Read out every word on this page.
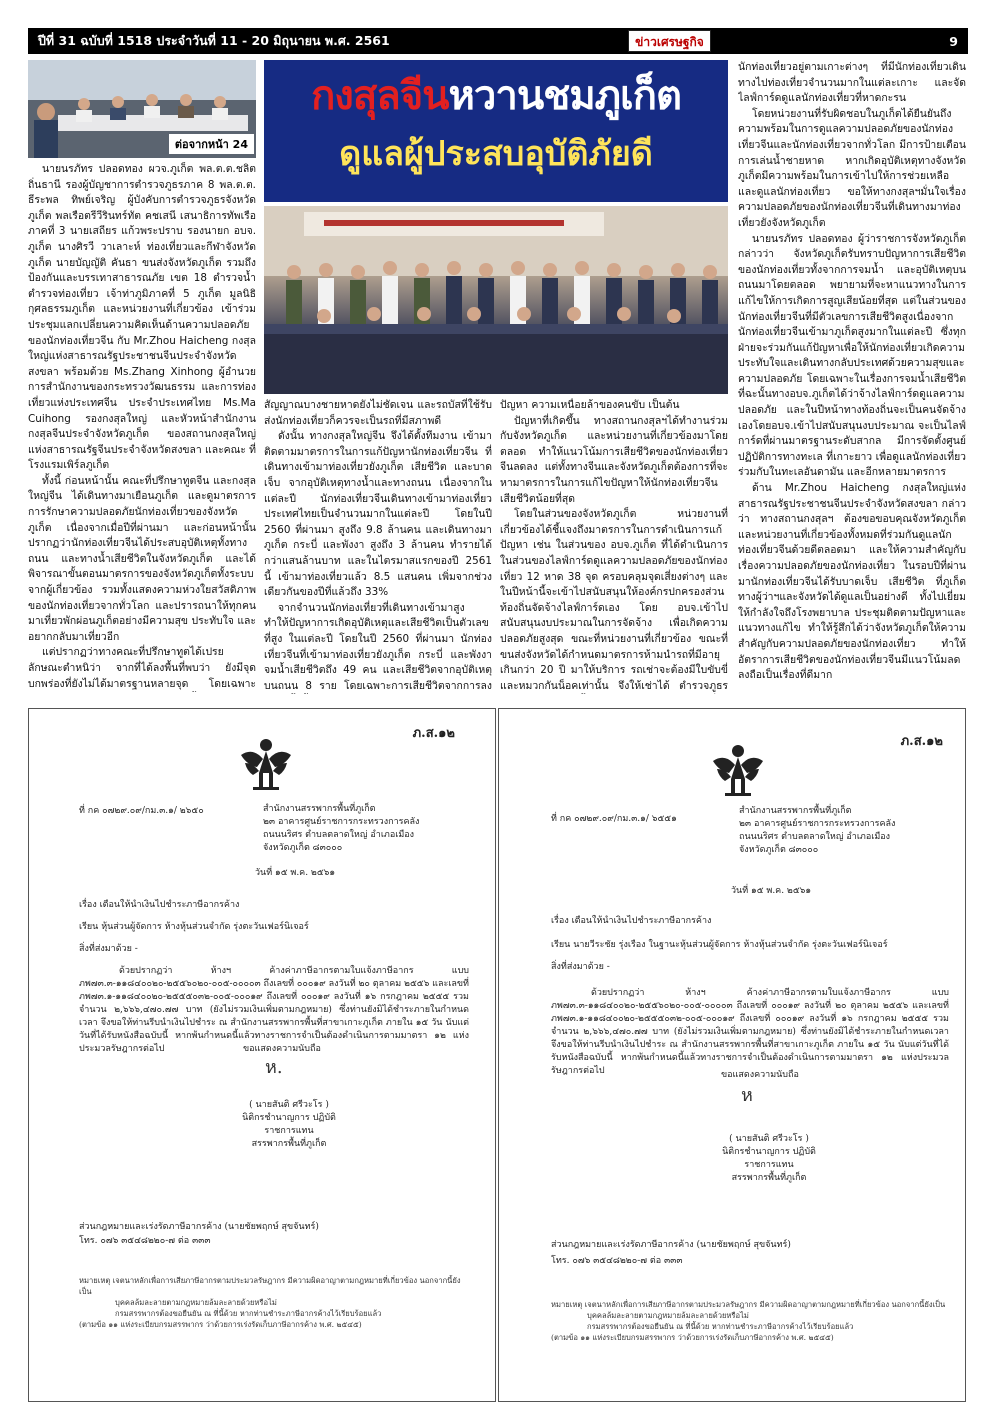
ปีที่ 31 ฉบับที่ 1518 ประจำวันที่ 11 - 20 มิถุนายน พ.ศ. 2561	ข่าวเศรษฐกิจ	9
ต่อจากหน้า 24
กงสุลจีนหวานชมภูเก็ต
ดูแลผู้ประสบอุบัติภัยดี

นายนรภัทร ปลอดทอง ผวจ.ภูเก็ต พล.ต.ต.ชลิต ถิ่นธานี รองผู้บัญชาการตำรวจภูธรภาค 8 พล.ต.ต. ธีระพล ทิพย์เจริญ ผู้บังคับการตำรวจภูธรจังหวัดภูเก็ต พลเรือตรีวีรินทร์ทัต คชเสนี เสนาธิการทัพเรือภาคที่ 3 นายเสถียร แก้วพระปราบ รองนายก อบจ. ภูเก็ต นางศิรวี วาเลาะห์ ท่องเที่ยวและกีฬาจังหวัดภูเก็ต นายบัญญัติ คันธา ขนส่งจังหวัดภูเก็ต รวมถึงป้องกันและบรรเทาสาธารณภัย เขต 18 ตำรวจน้ำ ตำรวจท่องเที่ยว เจ้าท่าภูมิภาคที่ 5 ภูเก็ต มูลนิธิกุศลธรรมภูเก็ต และหน่วยงานที่เกี่ยวข้อง เข้าร่วมประชุมแลกเปลี่ยนความคิดเห็นด้านความปลอดภัยของนักท่องเที่ยวจีน กับ Mr.Zhou Haicheng กงสุลใหญ่แห่งสาธารณรัฐประชาชนจีนประจำจังหวัดสงขลา พร้อมด้วย Ms.Zhang Xinhong ผู้อำนวยการสำนักงานของกระทรวงวัฒนธรรม และการท่องเที่ยวแห่งประเทศจีน ประจำประเทศไทย Ms.Ma Cuihong รองกงสุลใหญ่ และหัวหน้าสำนักงานกงสุลจีนประจำจังหวัดภูเก็ต ของสถานกงสุลใหญ่แห่งสาธารณรัฐจีนประจำจังหวัดสงขลา และคณะ ที่โรงแรมเพิร์ลภูเก็ต

ทั้งนี้ ก่อนหน้านั้น คณะที่ปรึกษาทูตจีน และกงสุลใหญ่จีน ได้เดินทางมาเยือนภูเก็ต และดูมาตรการการรักษาความปลอดภัยนักท่องเที่ยวของจังหวัดภูเก็ต เนื่องจากเมื่อปีที่ผ่านมา และก่อนหน้านั้น ปรากฏว่านักท่องเที่ยวจีนได้ประสบอุบัติเหตุทั้งทางถนน และทางน้ำเสียชีวิตในจังหวัดภูเก็ต และได้พิจารณาขั้นตอนมาตรการของจังหวัดภูเก็ตทั้งระบบจากผู้เกี่ยวข้อง รวมทั้งแสดงความห่วงใยสวัสดิภาพของนักท่องเที่ยวจากทั่วโลก และปรารถนาให้ทุกคนมาเที่ยวพักผ่อนภูเก็ตอย่างมีความสุข ประทับใจ และอยากกลับมาเที่ยวอีก

แต่ปรากฏว่าทางคณะที่ปรึกษาทูตได้เปรยลักษณะตำหนิว่า จากที่ได้ลงพื้นที่พบว่า ยังมีจุดบกพร่องที่ยังไม่ได้มาตรฐานหลายจุด โดยเฉพาะ

สัญญาณบางชายหาดยังไม่ชัดเจน และรถบัสที่ใช้รับส่งนักท่องเที่ยวก็ควรจะเป็นรถที่มีสภาพดี

ดังนั้น ทางกงสุลใหญ่จีน จึงได้ตั้งทีมงาน เข้ามาติดตามมาตรการในการแก้ปัญหานักท่องเที่ยวจีน ที่เดินทางเข้ามาท่องเที่ยวยังภูเก็ต เสียชีวิต และบาดเจ็บ จากอุบัติเหตุทางน้ำและทางถนน เนื่องจากในแต่ละปี นักท่องเที่ยวจีนเดินทางเข้ามาท่องเที่ยวประเทศไทยเป็นจำนวนมากในแต่ละปี โดยในปี 2560 ที่ผ่านมา สูงถึง 9.8 ล้านคน และเดินทางมาภูเก็ต กระบี่ และพังงา สูงถึง 3 ล้านคน ทำรายได้กว่าแสนล้านบาท และในไตรมาสแรกของปี 2561 นี้ เข้ามาท่องเที่ยวแล้ว 8.5 แสนคน เพิ่มจากช่วงเดียวกันของปีที่แล้วถึง 33%

จากจำนวนนักท่องเที่ยวที่เดินทางเข้ามาสูง ทำให้ปัญหาการเกิดอุบัติเหตุและเสียชีวิตเป็นตัวเลขที่สูง ในแต่ละปี โดยในปี 2560 ที่ผ่านมา นักท่องเที่ยวจีนที่เข้ามาท่องเที่ยวยังภูเก็ต กระบี่ และพังงา จมน้ำเสียชีวิตถึง 49 คน และเสียชีวิตจากอุบัติเหตุบนถนน 8 ราย โดยเฉพาะการเสียชีวิตจากการลง

ปัญหา ความเหนื่อยล้าของคนขับ เป็นต้น

ปัญหาที่เกิดขึ้น ทางสถานกงสุลฯได้ทำงานร่วมกับจังหวัดภูเก็ต และหน่วยงานที่เกี่ยวข้องมาโดยตลอด ทำให้แนวโน้มการเสียชีวิตของนักท่องเที่ยวจีนลดลง แต่ทั้งทางจีนและจังหวัดภูเก็ตต้องการที่จะหามาตรการในการแก้ไขปัญหาให้นักท่องเที่ยวจีนเสียชีวิตน้อยที่สุด

โดยในส่วนของจังหวัดภูเก็ต หน่วยงานที่เกี่ยวข้องได้ชี้แจงถึงมาตรการในการดำเนินการแก้ปัญหา เช่น ในส่วนของ อบจ.ภูเก็ต ที่ได้ดำเนินการในส่วนของไลฟ์การ์ดดูแลความปลอดภัยของนักท่องเที่ยว 12 หาด 38 จุด ครอบคลุมจุดเสี่ยงต่างๆ และในปีหน้านี้จะเข้าไปสนับสนุนให้องค์กรปกครองส่วนท้องถิ่นจัดจ้างไลฟ์การ์ดเอง โดย อบจ.เข้าไปสนับสนุนงบประมาณในการจัดจ้าง เพื่อเกิดความปลอดภัยสูงสุด ขณะที่หน่วยงานที่เกี่ยวข้อง ขณะที่ขนส่งจังหวัดได้กำหนดมาตรการห้ามนำรถที่มีอายุเกินกว่า 20 ปี มาให้บริการ รถเช่าจะต้องมีใบขับขี่ และหมวกกันน็อคเท่านั้น จึงให้เช่าได้ ตำรวจภูธร

นักท่องเที่ยวอยู่ตามเกาะต่างๆ ที่มีนักท่องเที่ยวเดินทางไปท่องเที่ยวจำนวนมากในแต่ละเกาะ และจัดไลฟ์การ์ดดูแลนักท่องเที่ยวที่หาดกะรน

โดยหน่วยงานที่รับผิดชอบในภูเก็ตได้ยืนยันถึงความพร้อมในการดูแลความปลอดภัยของนักท่องเที่ยวจีนและนักท่องเที่ยวจากทั่วโลก มีการป้ายเตือนการเล่นน้ำชายหาด หากเกิดอุบัติเหตุทางจังหวัดภูเก็ตมีความพร้อมในการเข้าไปให้การช่วยเหลือและดูแลนักท่องเที่ยว ขอให้ทางกงสุลฯมั่นใจเรื่องความปลอดภัยของนักท่องเที่ยวจีนที่เดินทางมาท่องเที่ยวยังจังหวัดภูเก็ต

นายนรภัทร ปลอดทอง ผู้ว่าราชการจังหวัดภูเก็ต กล่าวว่า จังหวัดภูเก็ตรับทราบปัญหาการเสียชีวิตของนักท่องเที่ยวทั้งจากการจมน้ำ และอุบัติเหตุบนถนนมาโดยตลอด พยายามที่จะหาแนวทางในการแก้ไขให้การเกิดการสูญเสียน้อยที่สุด แต่ในส่วนของนักท่องเที่ยวจีนที่มีตัวเลขการเสียชีวิตสูงเนื่องจากนักท่องเที่ยวจีนเข้ามาภูเก็ตสูงมากในแต่ละปี ซึ่งทุกฝ่ายจะร่วมกันแก้ปัญหาเพื่อให้นักท่องเที่ยวเกิดความประทับใจและเดินทางกลับประเทศด้วยความสุขและความปลอดภัย โดยเฉพาะในเรื่องการจมน้ำเสียชีวิตที่ฉะนั้นทางอบจ.ภูเก็ตได้ว่าจ้างไลฟ์การ์ดดูแลความปลอดภัย และในปีหน้าทางท้องถิ่นจะเป็นคนจัดจ้างเองโดยอบจ.เข้าไปสนับสนุนงบประมาณ จะเป็นไลฟ์การ์ดที่ผ่านมาตรฐานระดับสากล มีการจัดตั้งศูนย์ปฏิบัติการทางทะเล ที่เกาะยาว เพื่อดูแลนักท่องเที่ยวร่วมกับในทะเลอันดามัน และอีกหลายมาตรการ

ด้าน Mr.Zhou Haicheng กงสุลใหญ่แห่งสาธารณรัฐประชาชนจีนประจำจังหวัดสงขลา กล่าวว่า ทางสถานกงสุลฯ ต้องขอขอบคุณจังหวัดภูเก็ตและหน่วยงานที่เกี่ยวข้องทั้งหมดที่ร่วมกันดูแลนักท่องเที่ยวจีนด้วยดีตลอดมา และให้ความสำคัญกับเรื่องความปลอดภัยของนักท่องเที่ยว ในรอบปีที่ผ่านมานักท่องเที่ยวจีนได้รับบาดเจ็บ เสียชีวิต ที่ภูเก็ตทางผู้ว่าฯและจังหวัดได้ดูแลเป็นอย่างดี ทั้งไปเยี่ยมให้กำลังใจถึงโรงพยาบาล ประชุมติดตามปัญหาและแนวทางแก้ไข ทำให้รู้สึกได้ว่าจังหวัดภูเก็ตให้ความสำคัญกับความปลอดภัยของนักท่องเที่ยว ทำให้อัตราการเสียชีวิตของนักท่องเที่ยวจีนมีแนวโน้มลดลงถือเป็นเรื่องที่ดีมาก

ภ.ส.๑๒
ที่ กค ๐๗๒๙.๐๙/กม.๓.๑/ ๒๖๕๐	สำนักงานสรรพากรพื้นที่ภูเก็ต
๒๓ อาคารศูนย์ราชการกระทรวงการคลัง
ถนนนริศร ตำบลตลาดใหญ่ อำเภอเมือง
จังหวัดภูเก็ต ๘๓๐๐๐
วันที่ ๑๕ พ.ค. ๒๕๖๑
เรื่อง เตือนให้นำเงินไปชำระภาษีอากรค้าง
เรียน หุ้นส่วนผู้จัดการ ห้างหุ้นส่วนจำกัด รุ่งตะวันเฟอร์นิเจอร์
สิ่งที่ส่งมาด้วย -
ด้วยปรากฏว่า ห้างฯ ค้างค่าภาษีอากรตามใบแจ้งภาษีอากร แบบ ภพ๗๓.๓-๑๑๘๔๐๐๒๐-๒๕๕๖๐๒๐-๐๐๕-๐๐๐๐๓ ถึงเลขที่ ๐๐๐๑๙ ลงวันที่ ๒๐ ตุลาคม ๒๕๕๖ และเลขที่ ภพ๗๓.๑-๑๑๘๔๐๐๒๐-๒๕๕๕๐๓๒-๐๐๕-๐๐๐๑๙ ถึงเลขที่ ๐๐๐๑๙ ลงวันที่ ๑๖ กรกฎาคม ๒๕๕๕ รวมจำนวน ๒,๖๖๖,๔๗๐.๗๗ บาท (ยังไม่รวมเงินเพิ่มตามกฎหมาย) ซึ่งท่านยังมิได้ชำระภายในกำหนดเวลา จึงขอให้ท่านรีบนำเงินไปชำระ ณ สำนักงานสรรพากรพื้นที่สาขาเกาะภูเก็ต ภายใน ๑๕ วัน นับแต่วันที่ได้รับหนังสือฉบับนี้ หากพ้นกำหนดนี้แล้วทางราชการจำเป็นต้องดำเนินการตามมาตรา ๑๒ แห่งประมวลรัษฎากรต่อไป	ขอแสดงความนับถือ
ห.
( นายสันติ ศรีวะโร )
นิติกรชำนาญการ ปฏิบัติราชการแทน
สรรพากรพื้นที่ภูเก็ต
ส่วนกฎหมายและเร่งรัดภาษีอากรค้าง (นายชัยพฤกษ์ สุขจันทร์)
โทร. ๐๗๖ ๓๕๔๘๒๒๐-๗ ต่อ ๓๓๓
หมายเหตุ เจตนาหลักเพื่อการเสียภาษีอากรตามประมวลรัษฎากร มีความผิดอาญาตามกฎหมายที่เกี่ยวข้อง นอกจากนี้ยังเป็น
บุคคลล้มละลายตามกฎหมายล้มละลายด้วยหรือไม่
กรมสรรพากรต้องขอยืนยัน ณ ที่นี้ด้วย หากท่านชำระภาษีอากรค้างไว้เรียบร้อยแล้ว
(ตามข้อ ๑๑ แห่งระเบียบกรมสรรพากร ว่าด้วยการเร่งรัดเก็บภาษีอากรค้าง พ.ศ. ๒๕๔๕)
ภ.ส.๑๒
ที่ กค ๐๗๒๙.๐๙/กม.๓.๑/ ๖๕๕๑
สำนักงานสรรพากรพื้นที่ภูเก็ต
๒๓ อาคารศูนย์ราชการกระทรวงการคลัง
ถนนนริศร ตำบลตลาดใหญ่ อำเภอเมือง
จังหวัดภูเก็ต ๘๓๐๐๐
วันที่ ๑๕ พ.ค. ๒๕๖๑
เรื่อง เตือนให้นำเงินไปชำระภาษีอากรค้าง
เรียน นายวีระชัย รุ่งเรือง ในฐานะหุ้นส่วนผู้จัดการ ห้างหุ้นส่วนจำกัด รุ่งตะวันเฟอร์นิเจอร์
สิ่งที่ส่งมาด้วย -
ด้วยปรากฏว่า ห้างฯ ค้างค่าภาษีอากรตามใบแจ้งภาษีอากร แบบ ภพ๗๓.๓-๑๑๘๔๐๐๒๐-๒๕๕๖๐๒๐-๐๐๕-๐๐๐๐๓ ถึงเลขที่ ๐๐๐๑๙ ลงวันที่ ๒๐ ตุลาคม ๒๕๕๖ และเลขที่ ภพ๗๓.๑-๑๑๘๔๐๐๒๐-๒๕๕๕๐๓๒-๐๐๕-๐๐๐๑๙ ถึงเลขที่ ๐๐๐๑๙ ลงวันที่ ๑๖ กรกฎาคม ๒๕๕๕ รวมจำนวน ๒,๖๖๖,๔๗๐.๗๗ บาท (ยังไม่รวมเงินเพิ่มตามกฎหมาย) ซึ่งท่านยังมิได้ชำระภายในกำหนดเวลา จึงขอให้ท่านรีบนำเงินไปชำระ ณ สำนักงานสรรพากรพื้นที่สาขาเกาะภูเก็ต ภายใน ๑๕ วัน นับแต่วันที่ได้รับหนังสือฉบับนี้ หากพ้นกำหนดนี้แล้วทางราชการจำเป็นต้องดำเนินการตามมาตรา ๑๒ แห่งประมวลรัษฎากรต่อไป	ขอแสดงความนับถือ
ห
( นายสันติ ศรีวะโร )
นิติกรชำนาญการ ปฏิบัติราชการแทน
สรรพากรพื้นที่ภูเก็ต
ส่วนกฎหมายและเร่งรัดภาษีอากรค้าง (นายชัยพฤกษ์ สุขจันทร์)
โทร. ๐๗๖ ๓๕๔๘๒๒๐-๗ ต่อ ๓๓๓
หมายเหตุ เจตนาหลักเพื่อการเสียภาษีอากรตามประมวลรัษฎากร มีความผิดอาญาตามกฎหมายที่เกี่ยวข้อง นอกจากนี้ยังเป็น
บุคคลล้มละลายตามกฎหมายล้มละลายด้วยหรือไม่
กรมสรรพากรต้องขอยืนยัน ณ ที่นี้ด้วย หากท่านชำระภาษีอากรค้างไว้เรียบร้อยแล้ว
(ตามข้อ ๑๑ แห่งระเบียบกรมสรรพากร ว่าด้วยการเร่งรัดเก็บภาษีอากรค้าง พ.ศ. ๒๕๔๕)
